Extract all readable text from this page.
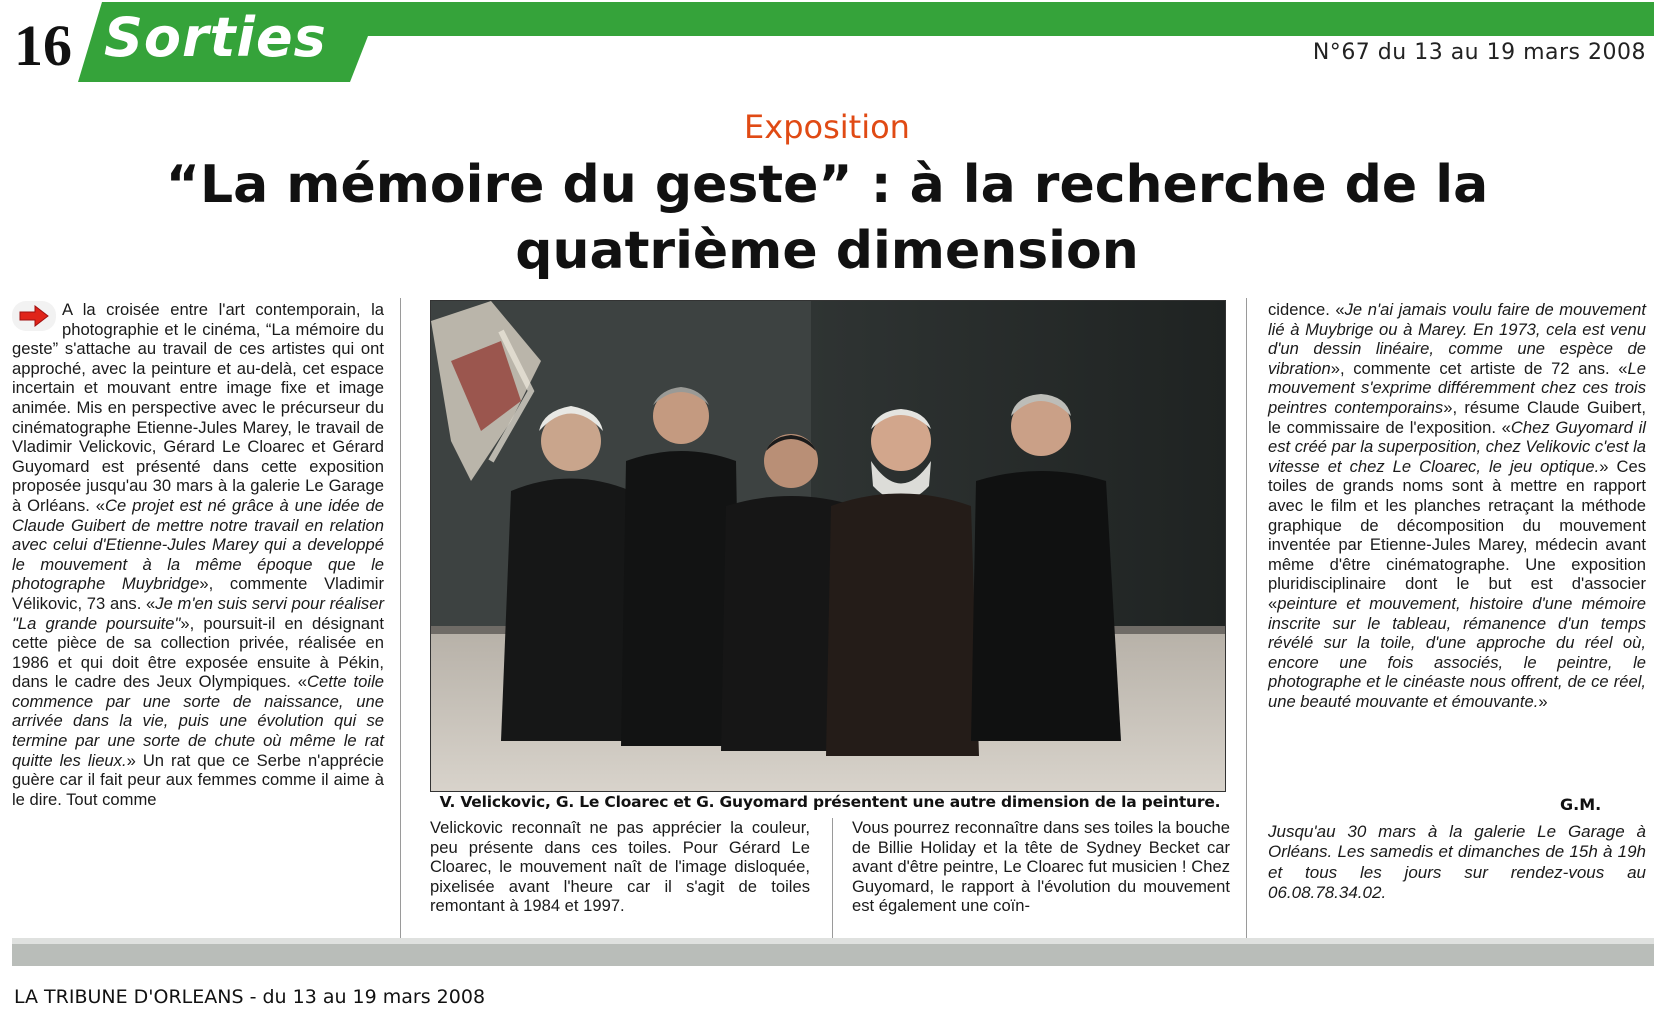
16 Sorties	N°67 du 13 au 19 mars 2008
Exposition
“La mémoire du geste” : à la recherche de la quatrième dimension
A la croisée entre l'art contemporain, la photographie et le cinéma, “La mémoire du geste” s'attache au travail de ces artistes qui ont approché, avec la peinture et au-delà, cet espace incertain et mouvant entre image fixe et image animée. Mis en perspective avec le précurseur du cinématographe Etienne-Jules Marey, le travail de Vladimir Velickovic, Gérard Le Cloarec et Gérard Guyomard est présenté dans cette exposition proposée jusqu'au 30 mars à la galerie Le Garage à Orléans. «Ce projet est né grâce à une idée de Claude Guibert de mettre notre travail en relation avec celui d'Etienne-Jules Marey qui a developpé le mouvement à la même époque que le photographe Muybridge», commente Vladimir Vélikovic, 73 ans. «Je m'en suis servi pour réaliser "La grande poursuite"», poursuit-il en désignant cette pièce de sa collection privée, réalisée en 1986 et qui doit être exposée ensuite à Pékin, dans le cadre des Jeux Olympiques. «Cette toile commence par une sorte de naissance, une arrivée dans la vie, puis une évolution qui se termine par une sorte de chute où même le rat quitte les lieux.» Un rat que ce Serbe n'apprécie guère car il fait peur aux femmes comme il aime à le dire. Tout comme	V. Velickovic, G. Le Cloarec et G. Guyomard présentent une autre dimension de la peinture.

Velickovic reconnaît ne pas apprécier la couleur, peu présente dans ces toiles. Pour Gérard Le Cloarec, le mouvement naît de l'image disloquée, pixelisée avant l'heure car il s'agit de toiles remontant à 1984 et 1997.

Vous pourrez reconnaître dans ses toiles la bouche de Billie Holiday et la tête de Sydney Becket car avant d'être peintre, Le Cloarec fut musicien ! Chez Guyomard, le rapport à l'évolution du mouvement est également une coïn-

cidence. «Je n'ai jamais voulu faire de mouvement lié à Muybrige ou à Marey. En 1973, cela est venu d'un dessin linéaire, comme une espèce de vibration», commente cet artiste de 72 ans. «Le mouvement s'exprime différemment chez ces trois peintres contemporains», résume Claude Guibert, le commissaire de l'exposition. «Chez Guyomard il est créé par la superposition, chez Velikovic c'est la vitesse et chez Le Cloarec, le jeu optique.» Ces toiles de grands noms sont à mettre en rapport avec le film et les planches retraçant la méthode graphique de décomposition du mouvement inventée par Etienne-Jules Marey, médecin avant même d'être cinématographe. Une exposition pluridisciplinaire dont le but est d'associer «peinture et mouvement, histoire d'une mémoire inscrite sur le tableau, rémanence d'un temps révélé sur la toile, d'une approche du réel où, encore une fois associés, le peintre, le photographe et le cinéaste nous offrent, de ce réel, une beauté mouvante et émouvante.»
G.M.
Jusqu'au 30 mars à la galerie Le Garage à Orléans. Les samedis et dimanches de 15h à 19h et tous les jours sur rendez-vous au 06.08.78.34.02.
LA TRIBUNE D'ORLEANS - du 13 au 19 mars 2008
